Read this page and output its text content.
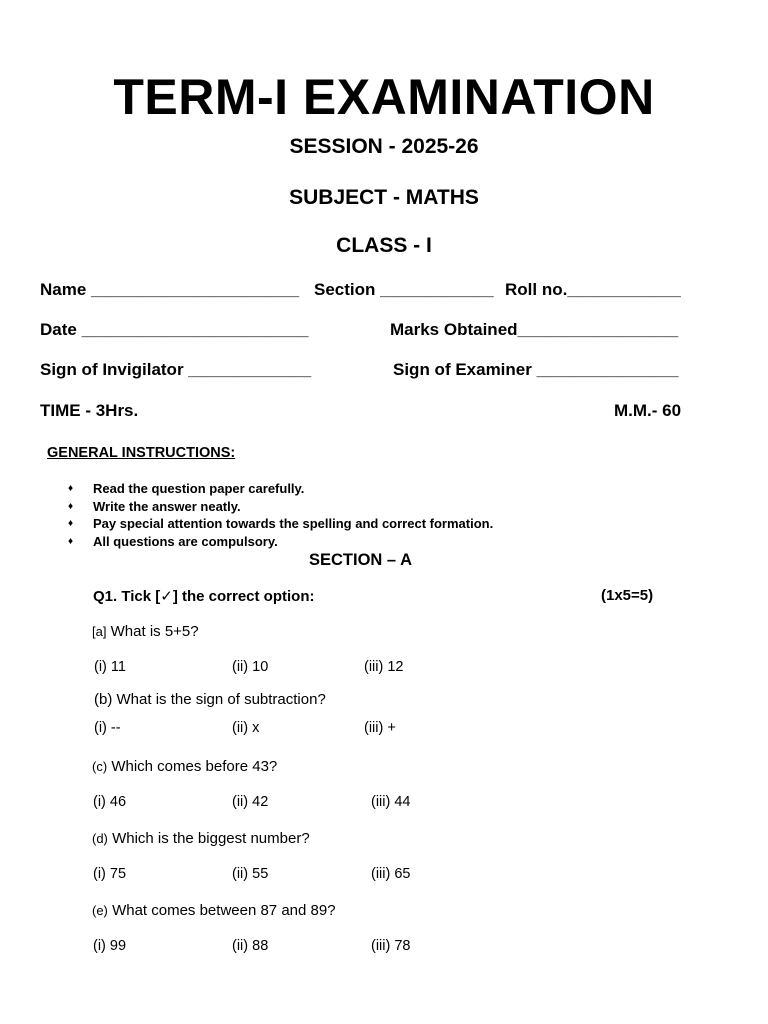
TERM-I EXAMINATION
SESSION - 2025-26
SUBJECT - MATHS
CLASS - I
Name ______________________ Section ____________ Roll no.____________
Date ________________________	Marks Obtained_________________
Sign of Invigilator _____________	Sign of Examiner _______________
TIME - 3Hrs.	M.M.- 60
GENERAL INSTRUCTIONS:
♦ Read the question paper carefully.
♦ Write the answer neatly.
♦ Pay special attention towards the spelling and correct formation.
♦ All questions are compulsory.
SECTION – A
Q1. Tick [✓] the correct option:	(1x5=5)
[a] What is 5+5?
(i) 11	(ii) 10	(iii) 12
(b) What is the sign of subtraction?
(i) --	(ii) x	(iii) +
(c) Which comes before 43?
(i) 46	(ii) 42	(iii) 44
(d) Which is the biggest number?
(i) 75	(ii) 55	(iii) 65
(e) What comes between 87 and 89?
(i) 99	(ii) 88	(iii) 78
